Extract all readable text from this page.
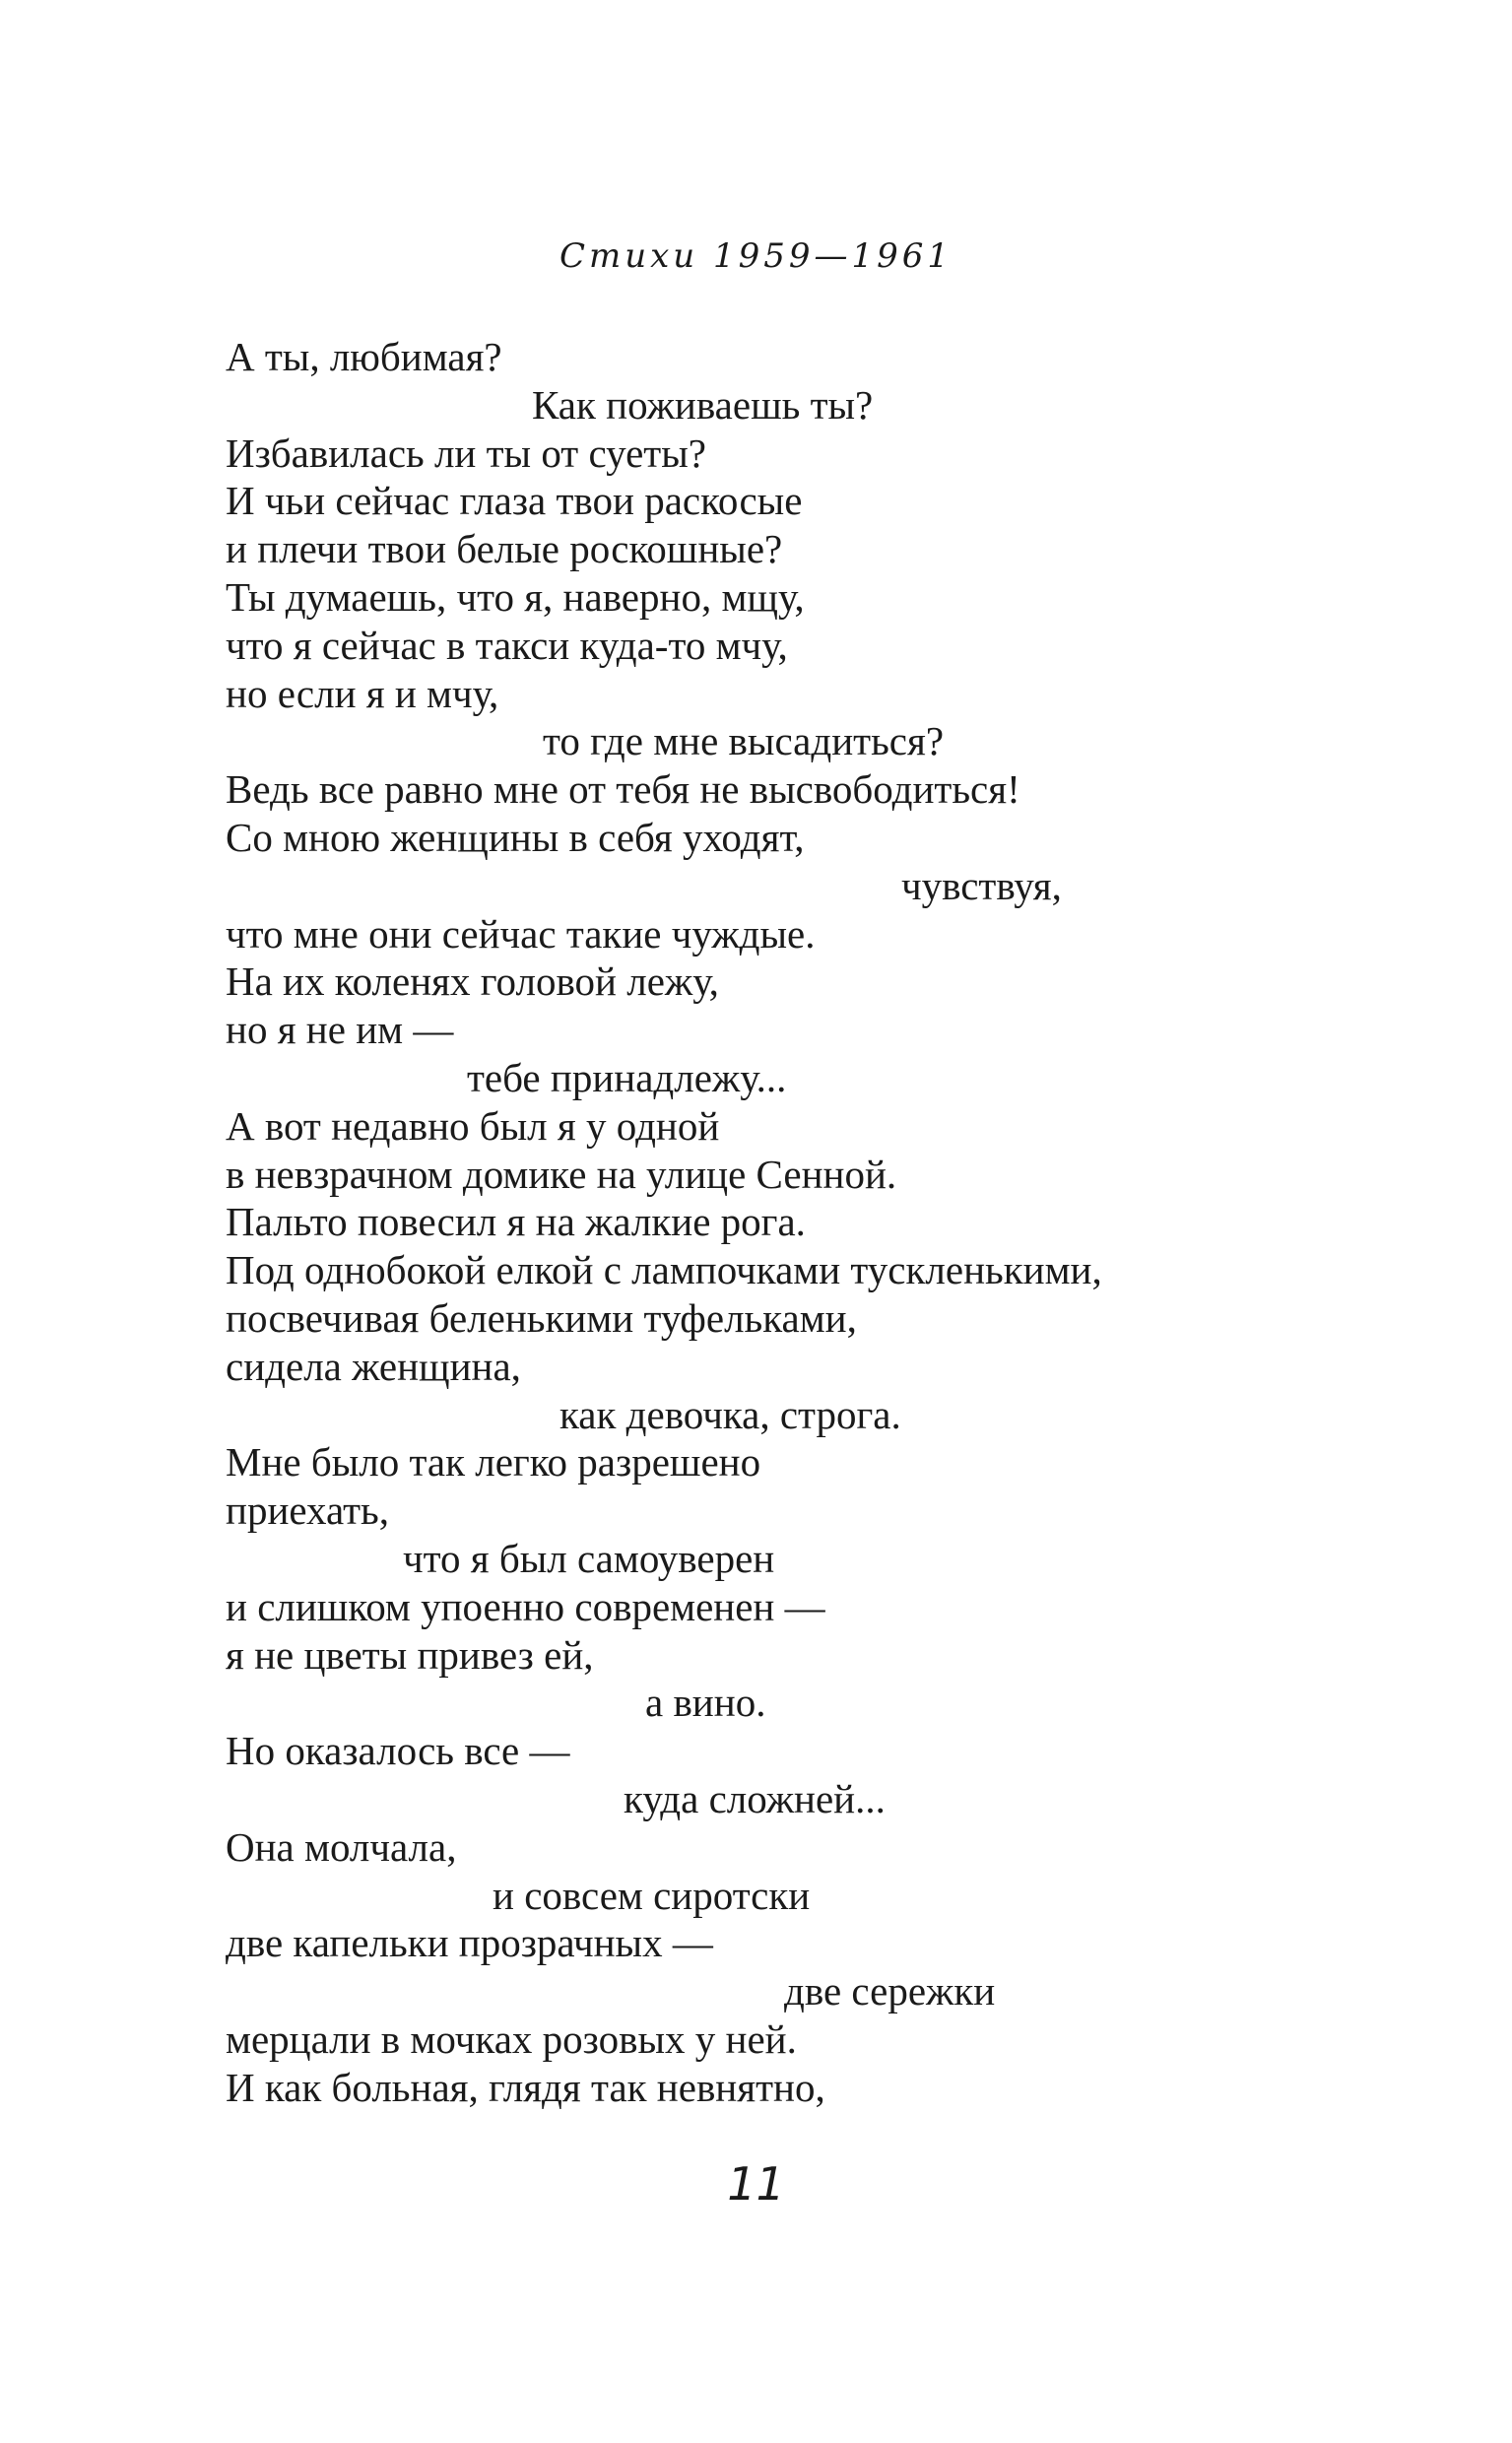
Стихи 1959—1961
А ты, любимая?
Как поживаешь ты?
Избавилась ли ты от суеты?
И чьи сейчас глаза твои раскосые
и плечи твои белые роскошные?
Ты думаешь, что я, наверно, мщу,
что я сейчас в такси куда-то мчу,
но если я и мчу,
то где мне высадиться?
Ведь все равно мне от тебя не высвободиться!
Со мною женщины в себя уходят,
чувствуя,
что мне они сейчас такие чуждые.
На их коленях головой лежу,
но я не им —
тебе принадлежу...
А вот недавно был я у одной
в невзрачном домике на улице Сенной.
Пальто повесил я на жалкие рога.
Под однобокой елкой с лампочками тускленькими,
посвечивая беленькими туфельками,
сидела женщина,
как девочка, строга.
Мне было так легко разрешено
приехать,
что я был самоуверен
и слишком упоенно современен —
я не цветы привез ей,
а вино.
Но оказалось все —
куда сложней...
Она молчала,
и совсем сиротски
две капельки прозрачных —
две сережки
мерцали в мочках розовых у ней.
И как больная, глядя так невнятно,
11
